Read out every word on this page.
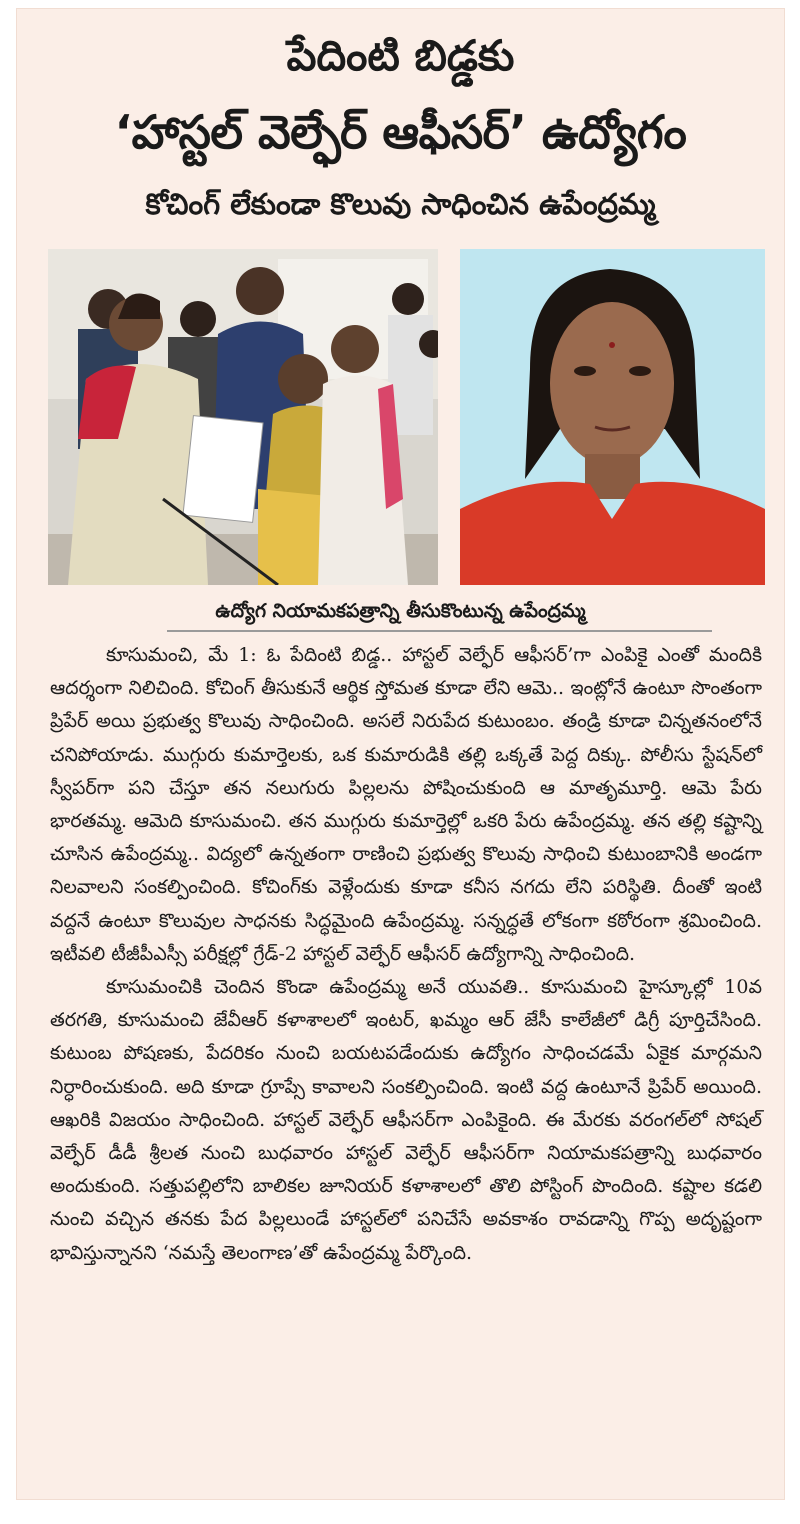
పేదింటి బిడ్డకు
‘హాస్టల్ వెల్ఫేర్ ఆఫీసర్’ ఉద్యోగం
కోచింగ్ లేకుండా కొలువు సాధించిన ఉపేంద్రమ్మ
ఉద్యోగ నియామకపత్రాన్ని తీసుకొంటున్న ఉపేంద్రమ్మ

కూసుమంచి, మే 1: ఓ పేదింటి బిడ్డ.. హాస్టల్ వెల్ఫేర్ ఆఫీసర్’గా ఎంపికై ఎంతో మందికి ఆదర్శంగా నిలిచింది. కోచింగ్ తీసుకునే ఆర్థిక స్తోమత కూడా లేని ఆమె.. ఇంట్లోనే ఉంటూ సొంతంగా ప్రిపేర్ అయి ప్రభుత్వ కొలువు సాధించింది. అసలే నిరుపేద కుటుంబం. తండ్రి కూడా చిన్నతనంలోనే చనిపోయాడు. ముగ్గురు కుమార్తెలకు, ఒక కుమారుడికి తల్లి ఒక్కతే పెద్ద దిక్కు. పోలీసు స్టేషన్‌లో స్వీపర్‌గా పని చేస్తూ తన నలుగురు పిల్లలను పోషించుకుంది ఆ మాతృమూర్తి. ఆమె పేరు భారతమ్మ. ఆమెది కూసుమంచి. తన ముగ్గురు కుమార్తెల్లో ఒకరి పేరు ఉపేంద్రమ్మ. తన తల్లి కష్టాన్ని చూసిన ఉపేంద్రమ్మ.. విద్యలో ఉన్నతంగా రాణించి ప్రభుత్వ కొలువు సాధించి కుటుంబానికి అండగా నిలవాలని సంకల్పించింది. కోచింగ్‌కు వెళ్లేందుకు కూడా కనీస నగదు లేని పరిస్థితి. దీంతో ఇంటి వద్దనే ఉంటూ కొలువుల సాధనకు సిద్ధమైంది ఉపేంద్రమ్మ. సన్నద్ధతే లోకంగా కఠోరంగా శ్రమించింది. ఇటీవలి టీజీపీఎస్సీ పరీక్షల్లో గ్రేడ్-2 హాస్టల్ వెల్ఫేర్ ఆఫీసర్ ఉద్యోగాన్ని సాధించింది.

కూసుమంచికి చెందిన కొండా ఉపేంద్రమ్మ అనే యువతి.. కూసుమంచి హైస్కూల్లో 10వ తరగతి, కూసుమంచి జేవీఆర్ కళాశాలలో ఇంటర్, ఖమ్మం ఆర్ జేసీ కాలేజీలో డిగ్రీ పూర్తిచేసింది. కుటుంబ పోషణకు, పేదరికం నుంచి బయటపడేందుకు ఉద్యోగం సాధించడమే ఏకైక మార్గమని నిర్ధారించుకుంది. అది కూడా గ్రూప్సే కావాలని సంకల్పించింది. ఇంటి వద్ద ఉంటూనే ప్రిపేర్ అయింది. ఆఖరికి విజయం సాధించింది. హాస్టల్ వెల్ఫేర్ ఆఫీసర్‌గా ఎంపికైంది. ఈ మేరకు వరంగల్‌లో సోషల్ వెల్ఫేర్ డీడీ శ్రీలత నుంచి బుధవారం హాస్టల్ వెల్ఫేర్ ఆఫీసర్‌గా నియామకపత్రాన్ని బుధవారం అందుకుంది. సత్తుపల్లిలోని బాలికల జూనియర్ కళాశాలలో తొలి పోస్టింగ్ పొందింది. కష్టాల కడలి నుంచి వచ్చిన తనకు పేద పిల్లలుండే హాస్టల్‌లో పనిచేసే అవకాశం రావడాన్ని గొప్ప అదృష్టంగా భావిస్తున్నానని ‘నమస్తే తెలంగాణ’తో ఉపేంద్రమ్మ పేర్కొంది.
